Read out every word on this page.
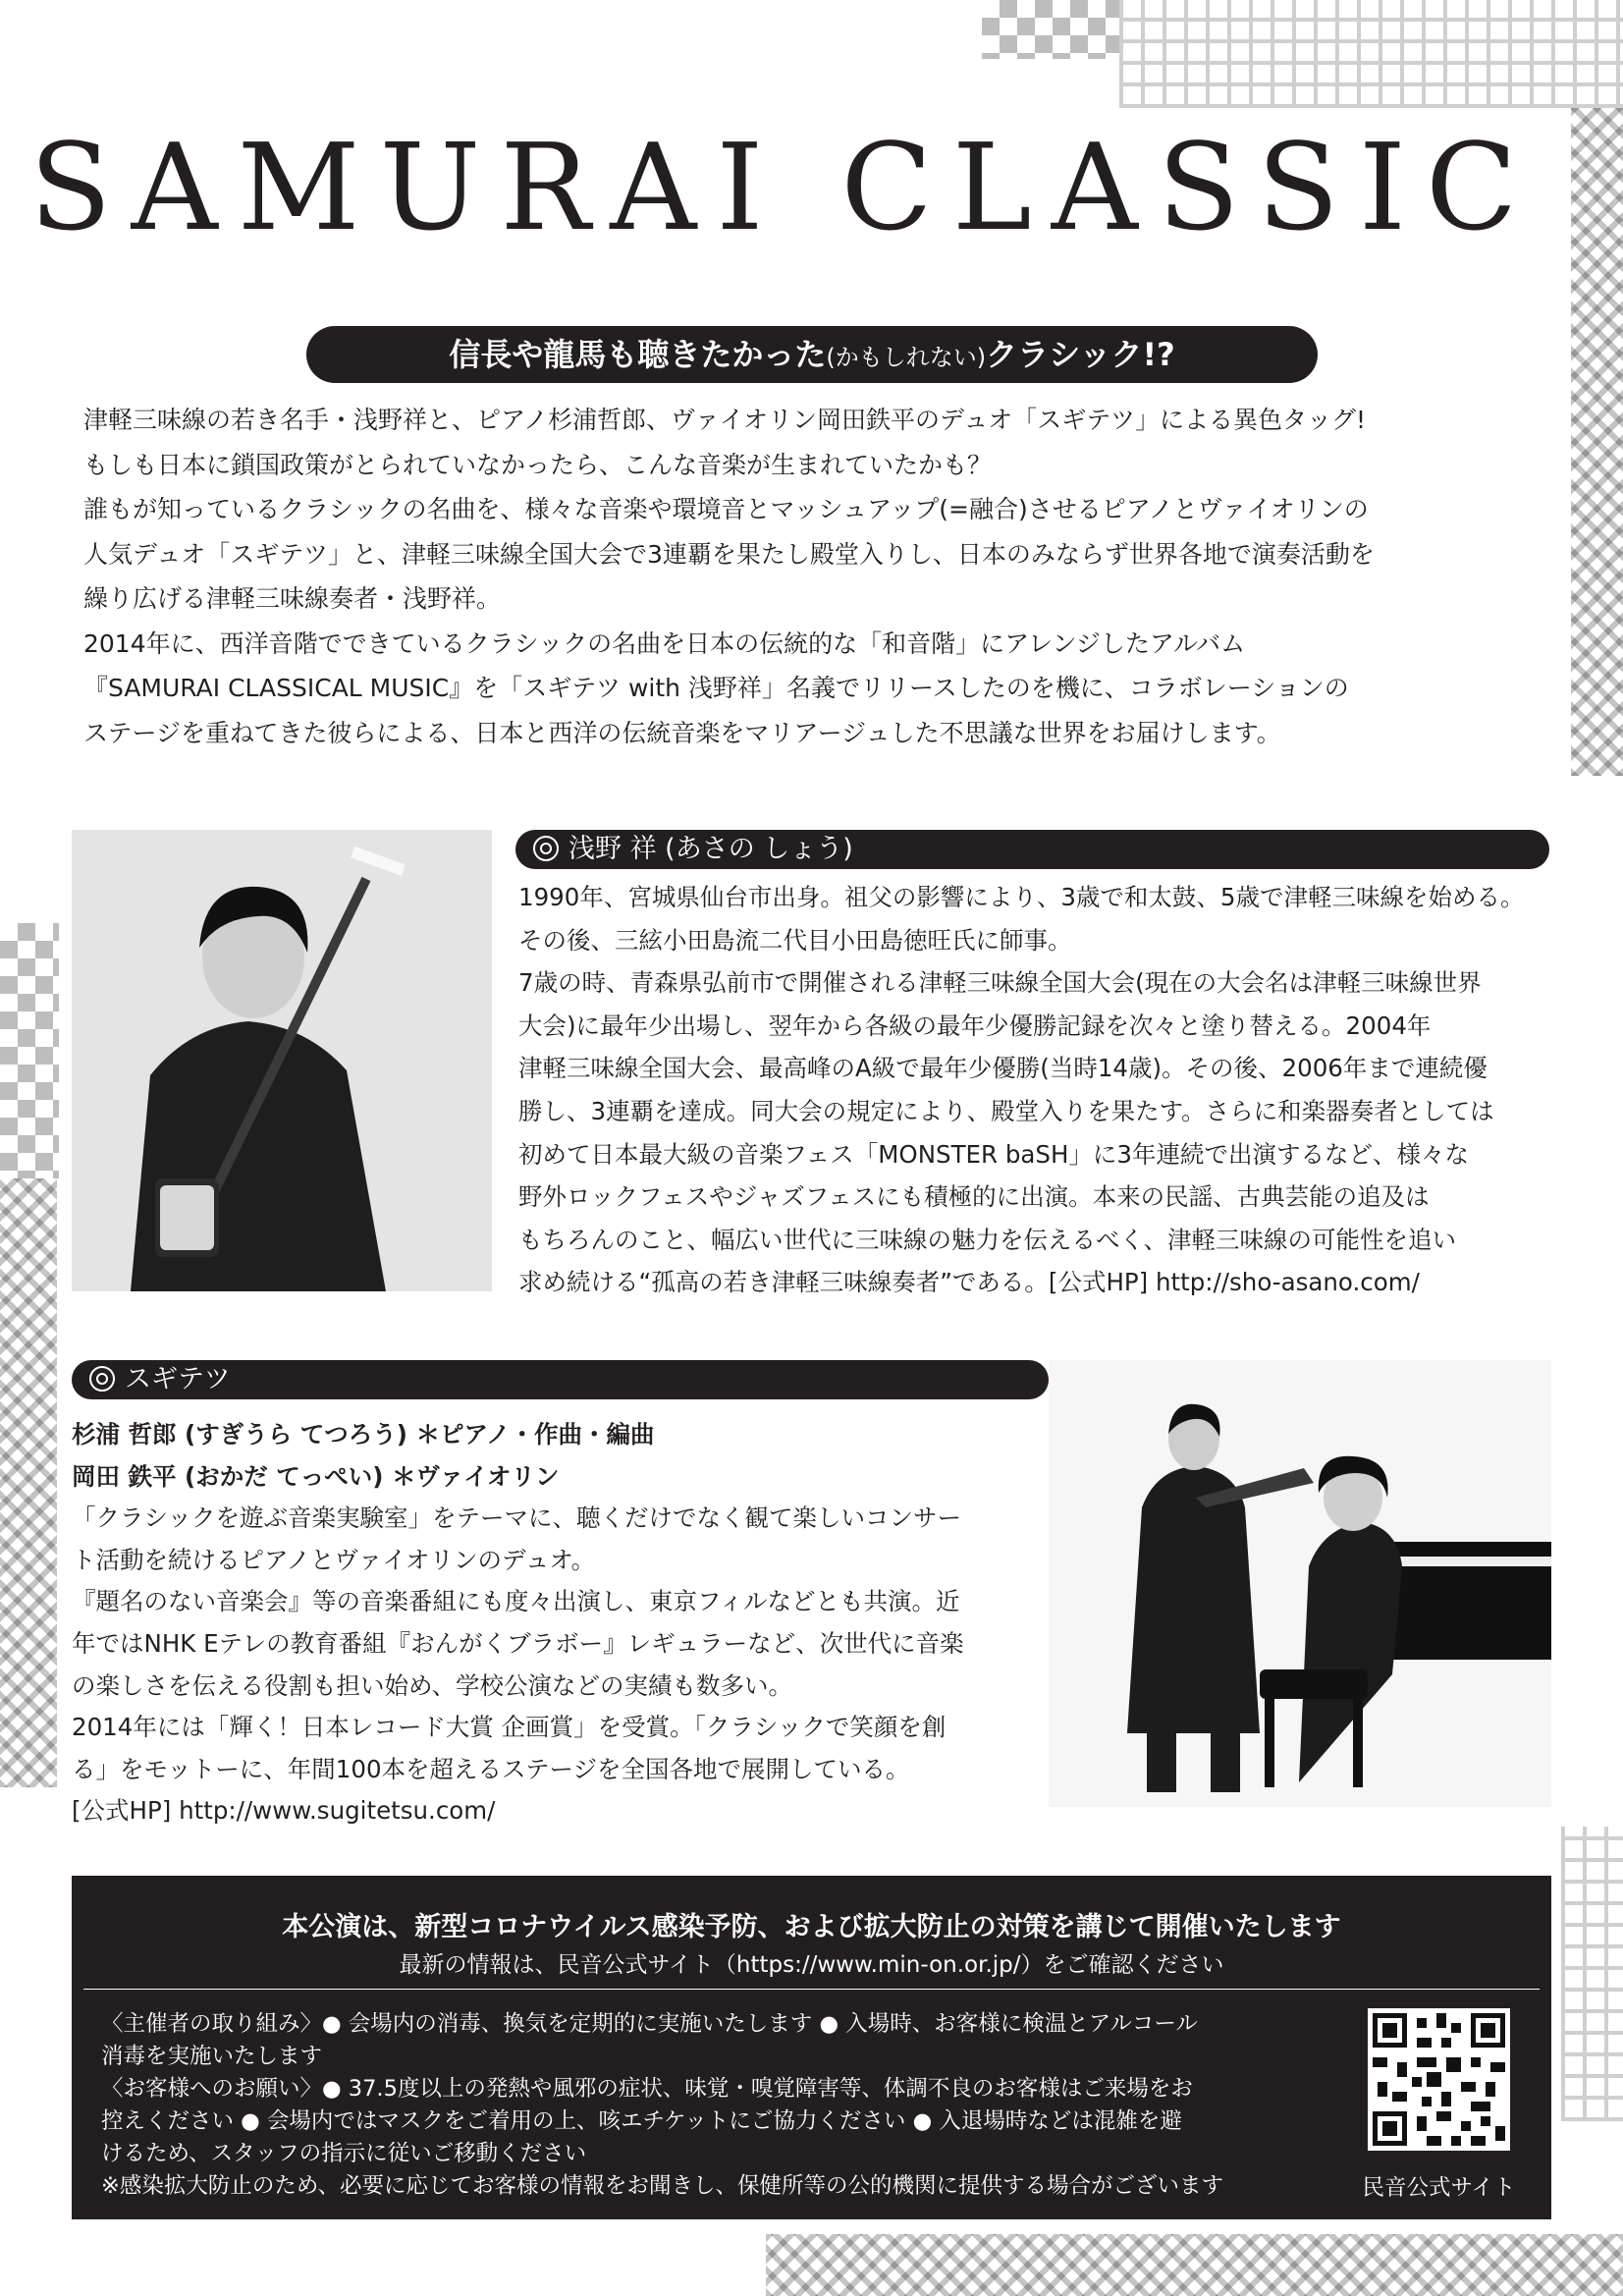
SAMURAI CLASSIC
信長や龍馬も聴きたかった(かもしれない)クラシック!?

津軽三味線の若き名手・浅野祥と、ピアノ杉浦哲郎、ヴァイオリン岡田鉄平のデュオ「スギテツ」による異色タッグ!

もしも日本に鎖国政策がとられていなかったら、こんな音楽が生まれていたかも？

誰もが知っているクラシックの名曲を、様々な音楽や環境音とマッシュアップ(=融合)させるピアノとヴァイオリンの

人気デュオ「スギテツ」と、津軽三味線全国大会で3連覇を果たし殿堂入りし、日本のみならず世界各地で演奏活動を

繰り広げる津軽三味線奏者・浅野祥。

2014年に、西洋音階でできているクラシックの名曲を日本の伝統的な「和音階」にアレンジしたアルバム

『SAMURAI CLASSICAL MUSIC』を「スギテツ with 浅野祥」名義でリリースしたのを機に、コラボレーションの

ステージを重ねてきた彼らによる、日本と西洋の伝統音楽をマリアージュした不思議な世界をお届けします。

浅野 祥 (あさの しょう)

1990年、宮城県仙台市出身。祖父の影響により、3歳で和太鼓、5歳で津軽三味線を始める。

その後、三絃小田島流二代目小田島徳旺氏に師事。

7歳の時、青森県弘前市で開催される津軽三味線全国大会(現在の大会名は津軽三味線世界

大会)に最年少出場し、翌年から各級の最年少優勝記録を次々と塗り替える。2004年

津軽三味線全国大会、最高峰のA級で最年少優勝(当時14歳)。その後、2006年まで連続優

勝し、3連覇を達成。同大会の規定により、殿堂入りを果たす。さらに和楽器奏者としては

初めて日本最大級の音楽フェス「MONSTER baSH」に3年連続で出演するなど、様々な

野外ロックフェスやジャズフェスにも積極的に出演。本来の民謡、古典芸能の追及は

もちろんのこと、幅広い世代に三味線の魅力を伝えるべく、津軽三味線の可能性を追い

求め続ける“孤高の若き津軽三味線奏者”である。[公式HP] http://sho-asano.com/

スギテツ

杉浦 哲郎 (すぎうら てつろう) ＊ピアノ・作曲・編曲

岡田 鉄平 (おかだ てっぺい) ＊ヴァイオリン

「クラシックを遊ぶ音楽実験室」をテーマに、聴くだけでなく観て楽しいコンサー

ト活動を続けるピアノとヴァイオリンのデュオ。

『題名のない音楽会』等の音楽番組にも度々出演し、東京フィルなどとも共演。近

年ではNHK Eテレの教育番組『おんがくブラボー』レギュラーなど、次世代に音楽

の楽しさを伝える役割も担い始め、学校公演などの実績も数多い。

2014年には「輝く！日本レコード大賞 企画賞」を受賞。「クラシックで笑顔を創

る」をモットーに、年間100本を超えるステージを全国各地で展開している。

[公式HP] http://www.sugitetsu.com/

本公演は、新型コロナウイルス感染予防、および拡大防止の対策を講じて開催いたします
最新の情報は、民音公式サイト（https://www.min-on.or.jp/）をご確認ください

〈主催者の取り組み〉● 会場内の消毒、換気を定期的に実施いたします ● 入場時、お客様に検温とアルコール

消毒を実施いたします

〈お客様へのお願い〉● 37.5度以上の発熱や風邪の症状、味覚・嗅覚障害等、体調不良のお客様はご来場をお

控えください ● 会場内ではマスクをご着用の上、咳エチケットにご協力ください ● 入退場時などは混雑を避

けるため、スタッフの指示に従いご移動ください

※感染拡大防止のため、必要に応じてお客様の情報をお聞きし、保健所等の公的機関に提供する場合がございます	民音公式サイト
